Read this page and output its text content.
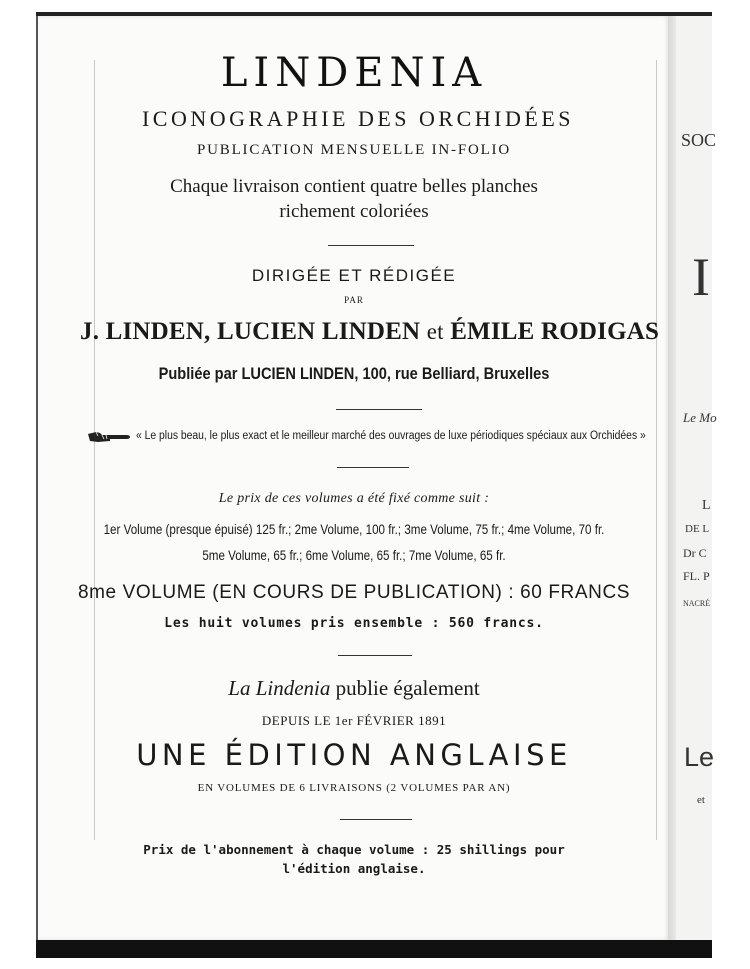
LINDENIA
ICONOGRAPHIE DES ORCHIDÉES
PUBLICATION MENSUELLE IN-FOLIO
Chaque livraison contient quatre belles planches
richement coloriées
DIRIGÉE ET RÉDIGÉE
PAR
J. LINDEN, LUCIEN LINDEN et ÉMILE RODIGAS
Publiée par LUCIEN LINDEN, 100, rue Belliard, Bruxelles
« Le plus beau, le plus exact et le meilleur marché des ouvrages de luxe périodiques spéciaux aux Orchidées »
Le prix de ces volumes a été fixé comme suit :
1er Volume (presque épuisé) 125 fr.; 2me Volume, 100 fr.; 3me Volume, 75 fr.; 4me Volume, 70 fr.
5me Volume, 65 fr.; 6me Volume, 65 fr.; 7me Volume, 65 fr.
8me VOLUME (EN COURS DE PUBLICATION) : 60 FRANCS
Les huit volumes pris ensemble : 560 francs.
La Lindenia publie également
DEPUIS LE 1er FÉVRIER 1891
UNE ÉDITION ANGLAISE
EN VOLUMES DE 6 LIVRAISONS (2 VOLUMES PAR AN)
Prix de l'abonnement à chaque volume : 25 shillings pour
l'édition anglaise.
SOC
I
Le Mo
L
DE L
Dr C
FL. P
NACRÉ
Le
et
